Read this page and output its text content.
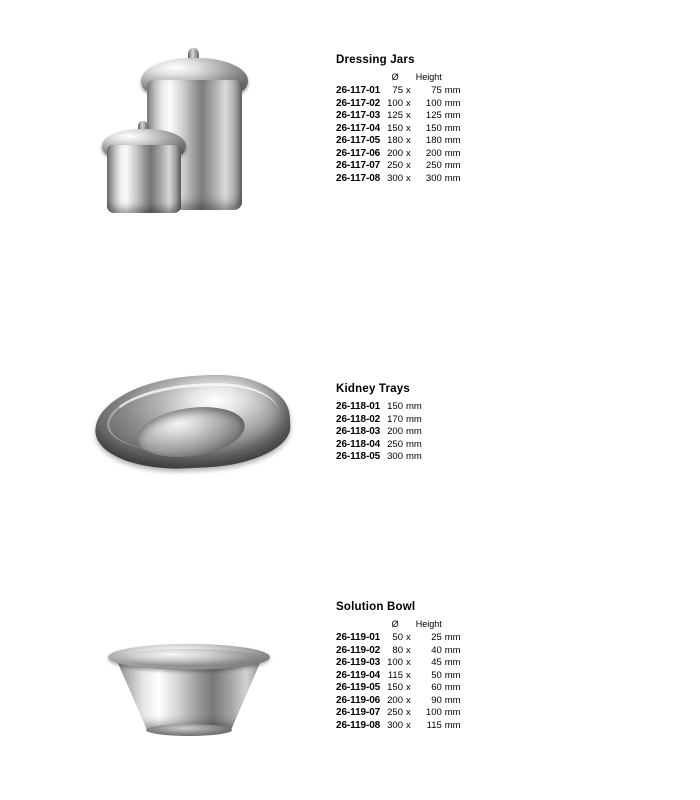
Dressing Jars
	Ø		Height	
26-117-01	75	x	75	mm
26-117-02	100	x	100	mm
26-117-03	125	x	125	mm
26-117-04	150	x	150	mm
26-117-05	180	x	180	mm
26-117-06	200	x	200	mm
26-117-07	250	x	250	mm
26-117-08	300	x	300	mm
Kidney Trays
26-118-01	150	mm
26-118-02	170	mm
26-118-03	200	mm
26-118-04	250	mm
26-118-05	300	mm
Solution Bowl
	Ø		Height	
26-119-01	50	x	25	mm
26-119-02	80	x	40	mm
26-119-03	100	x	45	mm
26-119-04	115	x	50	mm
26-119-05	150	x	60	mm
26-119-06	200	x	90	mm
26-119-07	250	x	100	mm
26-119-08	300	x	115	mm
